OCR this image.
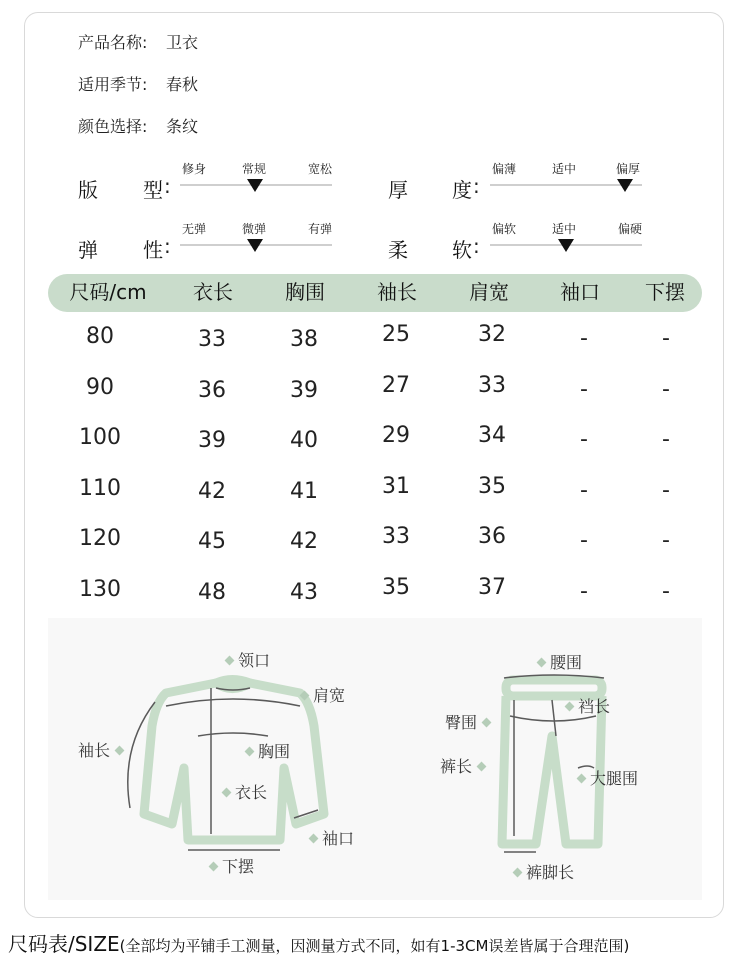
产品名称: 卫衣
适用季节: 春秋
颜色选择: 条纹
版 型 :
修身	常规	宽松
厚 度 :
偏薄	适中	偏厚
弹 性 :
无弹	微弹	有弹
柔 软 :
偏软	适中	偏硬
尺码/cm	衣长	胸围	袖长	肩宽	袖口	下摆
80	33	38	25	32	-	-
90	36	39	27	33	-	-
100	39	40	29	34	-	-
110	42	41	31	35	-	-
120	45	42	33	36	-	-
130	48	43	35	37	-	-
领口
肩宽
袖长	胸围
衣长
袖口
下摆
腰围
裆长
臀围
裤长
大腿围
裤脚长
尺码表/SIZE(全部均为平铺手工测量，因测量方式不同，如有1-3CM误差皆属于合理范围)
